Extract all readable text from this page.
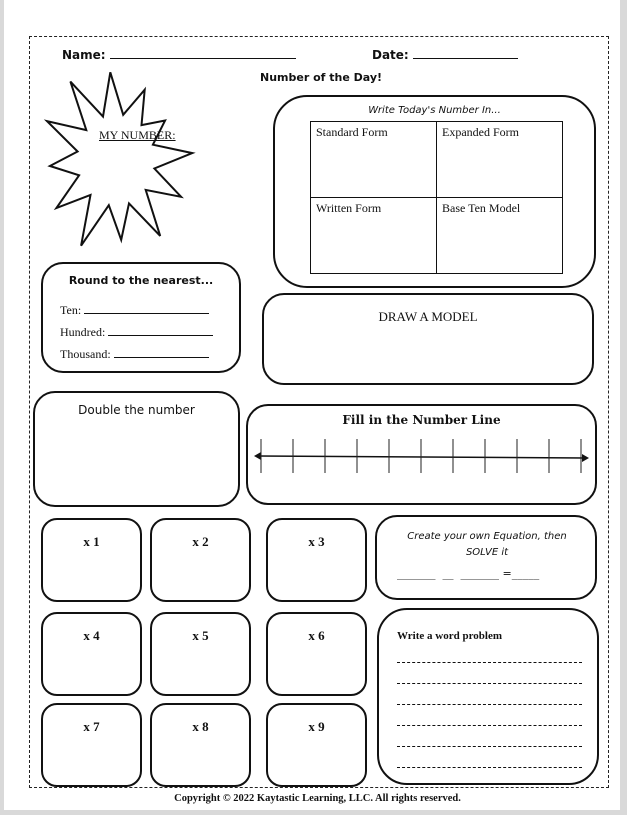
Name:	Date:
Number of the Day!
MY NUMBER:
Write Today's Number In...
Standard Form	Expanded Form
Written Form	Base Ten Model
Round to the nearest...
Ten:
Hundred:
Thousand:
DRAW A MODEL
Double the number
Fill in the Number Line
x 1	x 2	x 3
x 4	x 5	x 6
x 7	x 8	x 9
Create your own Equation, then SOLVE it
_______  __  _______ =_____
Write a word problem
Copyright © 2022 Kaytastic Learning, LLC. All rights reserved.
